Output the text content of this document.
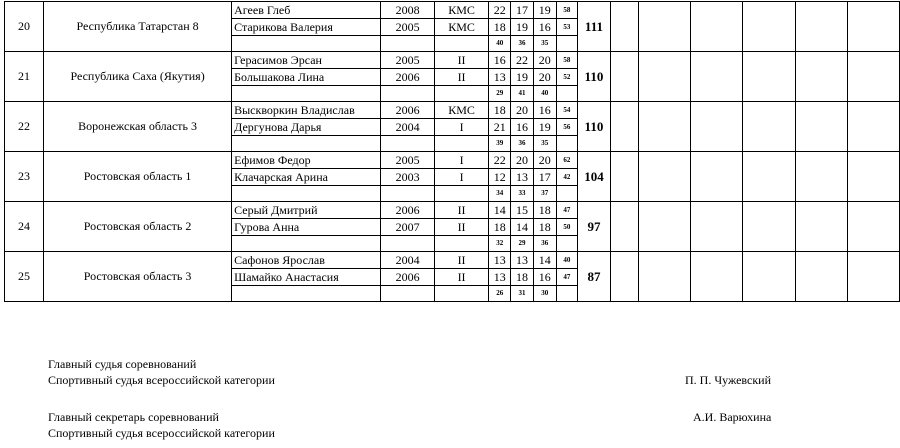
20	Республика Татарстан 8	Агеев Глеб	2008	КМС	22	17	19	58	111						
		Старикова Валерия	2005	КМС	18	19	16	53							
					40	36	35								
21	Республика Саха (Якутия)	Герасимов Эрсан	2005	II	16	22	20	58	110						
		Большакова Лина	2006	II	13	19	20	52							
					29	41	40								
22	Воронежская область 3	Выскворкин Владислав	2006	КМС	18	20	16	54	110						
		Дергунова Дарья	2004	I	21	16	19	56							
					39	36	35								
23	Ростовская область 1	Ефимов Федор	2005	I	22	20	20	62	104						
		Клачарская Арина	2003	I	12	13	17	42							
					34	33	37								
24	Ростовская область 2	Серый Дмитрий	2006	II	14	15	18	47	97						
		Гурова Анна	2007	II	18	14	18	50							
					32	29	36								
25	Ростовская область 3	Сафонов Ярослав	2004	II	13	13	14	40	87						
		Шамайко Анастасия	2006	II	13	18	16	47							
					26	31	30								
Главный судья соревнований
Спортивный судья всероссийской категории	П. П. Чужевский
Главный секретарь соревнований
Спортивный судья всероссийской категории
А.И. Варюхина
